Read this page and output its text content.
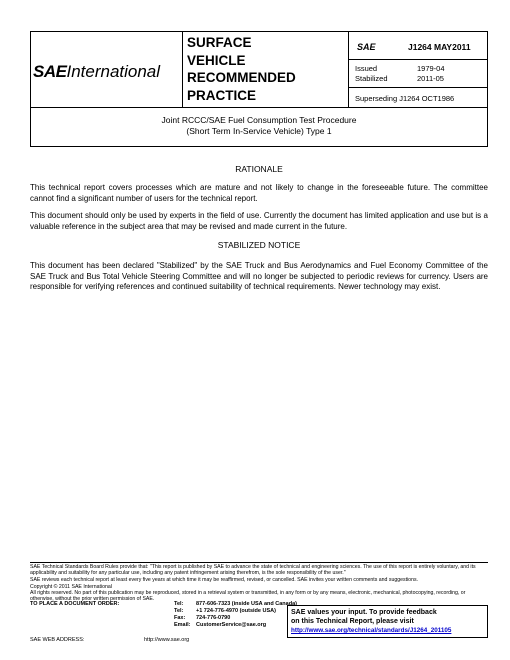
SAEInternational
SURFACE
VEHICLE
RECOMMENDED
PRACTICE
SAE	J1264 MAY2011
Issued	1979-04
Stabilized	2011-05
Superseding J1264 OCT1986
Joint RCCC/SAE Fuel Consumption Test Procedure
(Short Term In-Service Vehicle) Type 1
RATIONALE
This technical report covers processes which are mature and not likely to change in the foreseeable future. The committee cannot find a significant number of users for the technical report.
This document should only be used by experts in the field of use. Currently the document has limited application and use but is a valuable reference in the subject area that may be revised and made current in the future.
STABILIZED NOTICE
This document has been declared "Stabilized" by the SAE Truck and Bus Aerodynamics and Fuel Economy Committee of the SAE Truck and Bus Total Vehicle Steering Committee and will no longer be subjected to periodic reviews for currency. Users are responsible for verifying references and continued suitability of technical requirements. Newer technology may exist.
SAE Technical Standards Board Rules provide that: "This report is published by SAE to advance the state of technical and engineering sciences. The use of this report is entirely voluntary, and its applicability and suitability for any particular use, including any patent infringement arising therefrom, is the sole responsibility of the user."
SAE reviews each technical report at least every five years at which time it may be reaffirmed, revised, or cancelled. SAE invites your written comments and suggestions.
Copyright © 2011 SAE International
All rights reserved. No part of this publication may be reproduced, stored in a retrieval system or transmitted, in any form or by any means, electronic, mechanical, photocopying, recording, or otherwise, without the prior written permission of SAE.
TO PLACE A DOCUMENT ORDER:	Tel: 877-606-7323 (inside USA and Canada)
Tel: +1 724-776-4970 (outside USA)
Fax: 724-776-0790
Email: CustomerService@sae.org
SAE WEB ADDRESS:	http://www.sae.org
SAE values your input. To provide feedback
on this Technical Report, please visit
http://www.sae.org/technical/standards/J1264_201105
